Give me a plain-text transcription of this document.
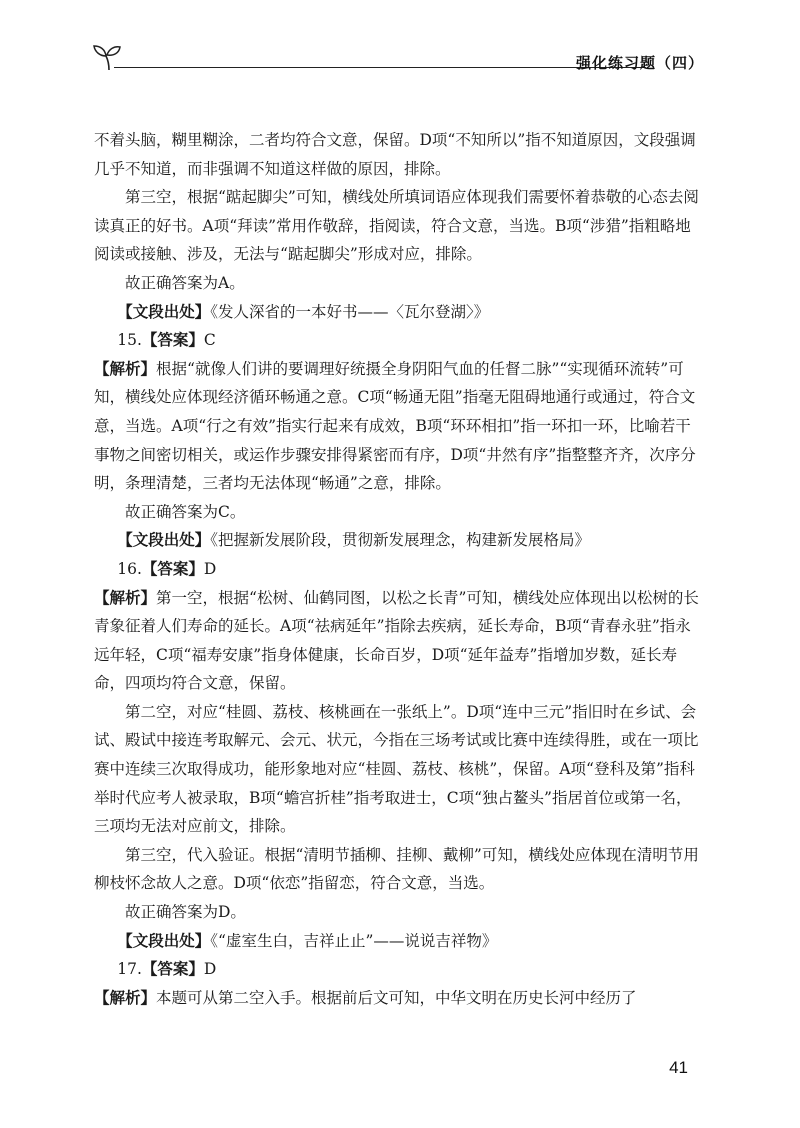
强化练习题（四）

不着头脑，糊里糊涂，二者均符合文意，保留。D项“不知所以”指不知道原因，文段强调几乎不知道，而非强调不知道这样做的原因，排除。

第三空，根据“踮起脚尖”可知，横线处所填词语应体现我们需要怀着恭敬的心态去阅读真正的好书。A项“拜读”常用作敬辞，指阅读，符合文意，当选。B项“涉猎”指粗略地阅读或接触、涉及，无法与“踮起脚尖”形成对应，排除。

故正确答案为A。

【文段出处】《发人深省的一本好书——〈瓦尔登湖〉》

15.【答案】C

【解析】根据“就像人们讲的要调理好统摄全身阴阳气血的任督二脉”“实现循环流转”可知，横线处应体现经济循环畅通之意。C项“畅通无阻”指毫无阻碍地通行或通过，符合文意，当选。A项“行之有效”指实行起来有成效，B项“环环相扣”指一环扣一环，比喻若干事物之间密切相关，或运作步骤安排得紧密而有序，D项“井然有序”指整整齐齐，次序分明，条理清楚，三者均无法体现“畅通”之意，排除。

故正确答案为C。

【文段出处】《把握新发展阶段，贯彻新发展理念，构建新发展格局》

16.【答案】D

【解析】第一空，根据“松树、仙鹤同图，以松之长青”可知，横线处应体现出以松树的长青象征着人们寿命的延长。A项“祛病延年”指除去疾病，延长寿命，B项“青春永驻”指永远年轻，C项“福寿安康”指身体健康，长命百岁，D项“延年益寿”指增加岁数，延长寿命，四项均符合文意，保留。

第二空，对应“桂圆、荔枝、核桃画在一张纸上”。D项“连中三元”指旧时在乡试、会试、殿试中接连考取解元、会元、状元，今指在三场考试或比赛中连续得胜，或在一项比赛中连续三次取得成功，能形象地对应“桂圆、荔枝、核桃”，保留。A项“登科及第”指科举时代应考人被录取，B项“蟾宫折桂”指考取进士，C项“独占鳌头”指居首位或第一名，三项均无法对应前文，排除。

第三空，代入验证。根据“清明节插柳、挂柳、戴柳”可知，横线处应体现在清明节用柳枝怀念故人之意。D项“依恋”指留恋，符合文意，当选。

故正确答案为D。

【文段出处】《“虚室生白，吉祥止止”——说说吉祥物》

17.【答案】D

【解析】本题可从第二空入手。根据前后文可知，中华文明在历史长河中经历了

41
